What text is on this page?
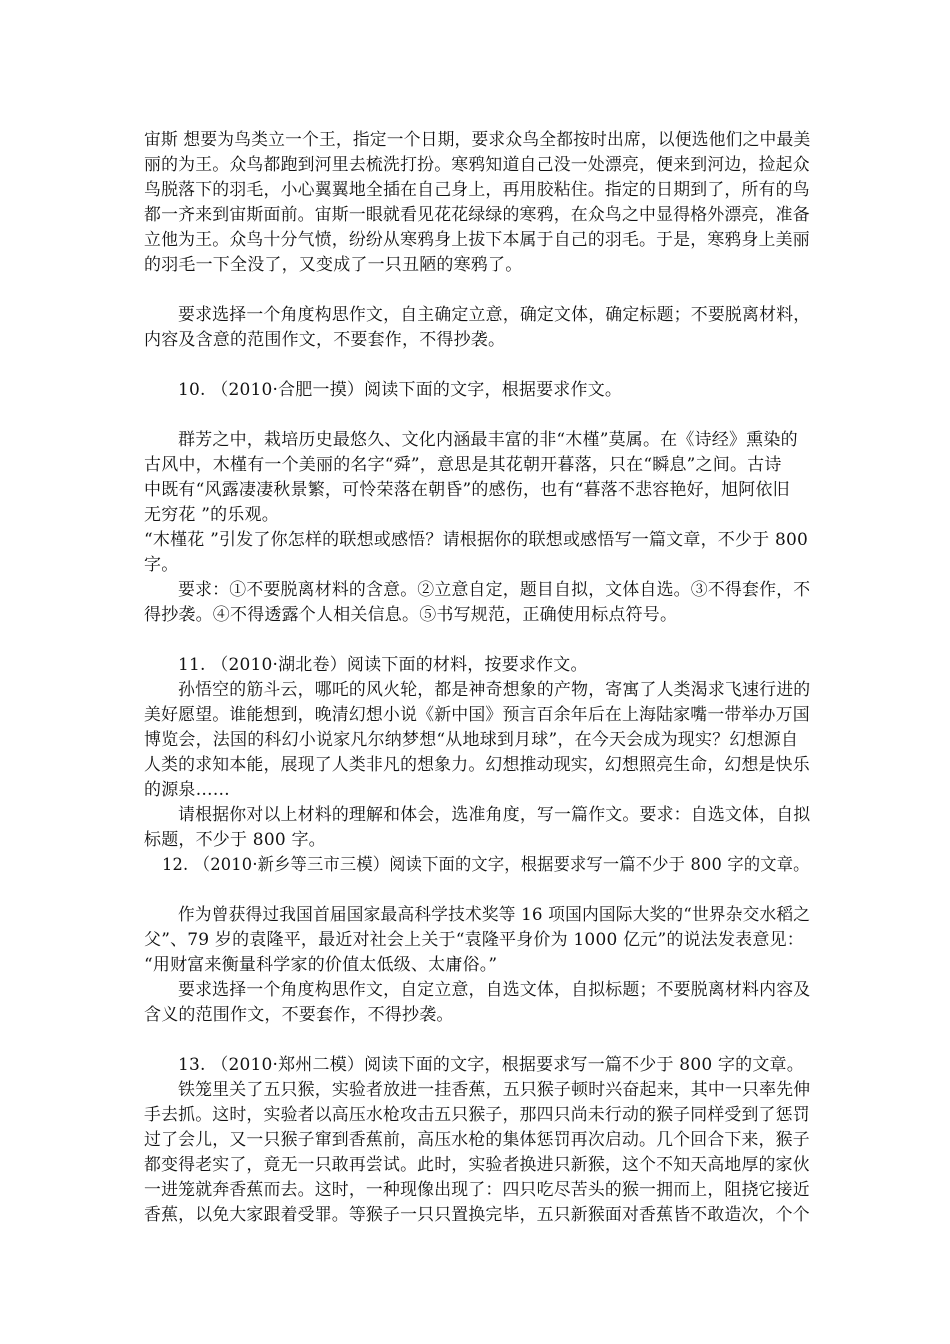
宙斯 想要为鸟类立一个王，指定一个日期，要求众鸟全都按时出席，以便选他们之中最美
丽的为王。众鸟都跑到河里去梳洗打扮。寒鸦知道自己没一处漂亮，便来到河边，捡起众
鸟脱落下的羽毛，小心翼翼地全插在自己身上，再用胶粘住。指定的日期到了，所有的鸟
都一齐来到宙斯面前。宙斯一眼就看见花花绿绿的寒鸦，在众鸟之中显得格外漂亮，准备
立他为王。众鸟十分气愤，纷纷从寒鸦身上拔下本属于自己的羽毛。于是，寒鸦身上美丽
的羽毛一下全没了，又变成了一只丑陋的寒鸦了。
要求选择一个角度构思作文，自主确定立意，确定文体，确定标题；不要脱离材料，
内容及含意的范围作文，不要套作，不得抄袭。
10. （2010·合肥一摸）阅读下面的文字，根据要求作文。
群芳之中，栽培历史最悠久、文化内涵最丰富的非“木槿”莫属。在《诗经》熏染的
古风中，木槿有一个美丽的名字“舜”，意思是其花朝开暮落，只在“瞬息”之间。古诗
中既有“风露凄凄秋景繁，可怜荣落在朝昏”的感伤，也有“暮落不悲容艳好，旭阿依旧
无穷花 ”的乐观。
“木槿花 ”引发了你怎样的联想或感悟？请根据你的联想或感悟写一篇文章，不少于 800
字。
要求：①不要脱离材料的含意。②立意自定，题目自拟，文体自选。③不得套作，不
得抄袭。④不得透露个人相关信息。⑤书写规范，正确使用标点符号。
11. （2010·湖北卷）阅读下面的材料，按要求作文。
孙悟空的筋斗云，哪吒的风火轮，都是神奇想象的产物，寄寓了人类渴求飞速行进的
美好愿望。谁能想到，晚清幻想小说《新中国》预言百余年后在上海陆家嘴一带举办万国
博览会，法国的科幻小说家凡尔纳梦想“从地球到月球”，在今天会成为现实？幻想源自
人类的求知本能，展现了人类非凡的想象力。幻想推动现实，幻想照亮生命，幻想是快乐
的源泉……
请根据你对以上材料的理解和体会，选准角度，写一篇作文。要求：自选文体，自拟
标题，不少于 800 字。
12. （2010·新乡等三市三模）阅读下面的文字，根据要求写一篇不少于 800 字的文章。
作为曾获得过我国首届国家最高科学技术奖等 16 项国内国际大奖的“世界杂交水稻之
父”、79 岁的袁隆平，最近对社会上关于“袁隆平身价为 1000 亿元”的说法发表意见：
“用财富来衡量科学家的价值太低级、太庸俗。”
要求选择一个角度构思作文，自定立意，自选文体，自拟标题；不要脱离材料内容及
含义的范围作文，不要套作，不得抄袭。
13. （2010·郑州二模）阅读下面的文字，根据要求写一篇不少于 800 字的文章。
铁笼里关了五只猴，实验者放进一挂香蕉，五只猴子顿时兴奋起来，其中一只率先伸
手去抓。这时，实验者以高压水枪攻击五只猴子，那四只尚未行动的猴子同样受到了惩罚
过了会儿，又一只猴子窜到香蕉前，高压水枪的集体惩罚再次启动。几个回合下来，猴子
都变得老实了，竟无一只敢再尝试。此时，实验者换进只新猴，这个不知天高地厚的家伙
一进笼就奔香蕉而去。这时，一种现像出现了：四只吃尽苦头的猴一拥而上，阻挠它接近
香蕉，以免大家跟着受罪。等猴子一只只置换完毕，五只新猴面对香蕉皆不敢造次，个个
